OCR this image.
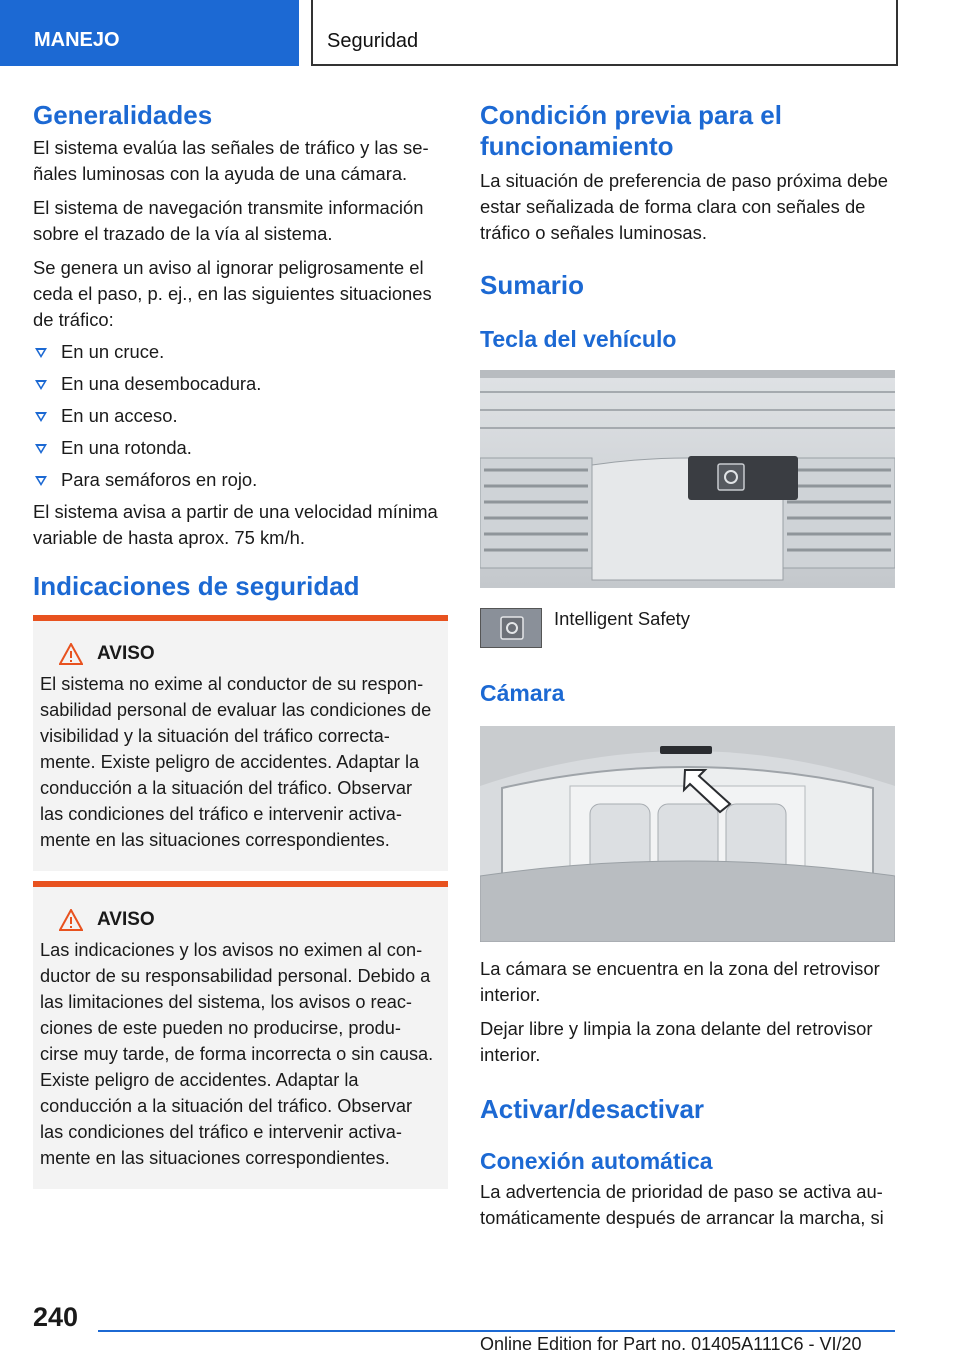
MANEJO	Seguridad
Generalidades

El sistema evalúa las señales de tráfico y las se-ñales luminosas con la ayuda de una cámara.

El sistema de navegación transmite información sobre el trazado de la vía al sistema.

Se genera un aviso al ignorar peligrosamente el ceda el paso, p. ej., en las siguientes situaciones de tráfico:

En un cruce.
En una desembocadura.
En un acceso.
En una rotonda.
Para semáforos en rojo.

El sistema avisa a partir de una velocidad mínima variable de hasta aprox. 75 km/h.

Indicaciones de seguridad
AVISO

El sistema no exime al conductor de su respon-sabilidad personal de evaluar las condiciones de visibilidad y la situación del tráfico correcta-mente. Existe peligro de accidentes. Adaptar la conducción a la situación del tráfico. Observar las condiciones del tráfico e intervenir activa-mente en las situaciones correspondientes.

AVISO

Las indicaciones y los avisos no eximen al con-ductor de su responsabilidad personal. Debido a las limitaciones del sistema, los avisos o reac-ciones de este pueden no producirse, produ-cirse muy tarde, de forma incorrecta o sin causa. Existe peligro de accidentes. Adaptar la conducción a la situación del tráfico. Observar las condiciones del tráfico e intervenir activa-mente en las situaciones correspondientes.

Condición previa para el funcionamiento

La situación de preferencia de paso próxima debe estar señalizada de forma clara con señales de tráfico o señales luminosas.

Sumario
Tecla del vehículo

Intelligent Safety

Cámara

La cámara se encuentra en la zona del retrovisor interior.

Dejar libre y limpia la zona delante del retrovisor interior.

Activar/desactivar
Conexión automática

La advertencia de prioridad de paso se activa au-tomáticamente después de arrancar la marcha, si

240
Online Edition for Part no. 01405A111C6 - VI/20
